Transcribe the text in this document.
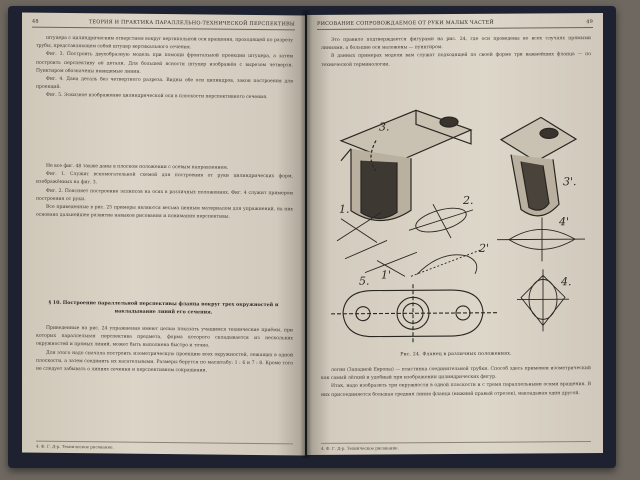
48	ТЕОРИЯ И ПРАКТИКА ПАРАЛЛЕЛЬНО-ТЕХНИЧЕСКОЙ ПЕРСПЕКТИВЫ

штуцера с цилиндрическим отверстием вокруг вертикальной оси вращения, проходящей по разрезу трубы, представляющем собой штуцер вертикального сечения.

Фиг. 3. Построить двухобразную модель при помощи фронтальной проекции штуцера, а затем построить перспективу её детали. Для большей ясности штуцер изображён с вырезом четверти. Пунктиром обозначены невидимые линии.

Фиг. 4. Дана деталь без четвертного разреза. Видны обе оси цилиндров, закон построения для проекций.

Фиг. 5. Эскизное изображение цилиндрической оси в плоскости перспективного сечения.

Не все фиг. 48 также даны в плоском положении с осевым направлением.

Фиг. 1. Служит вспомогательной схемой для построения от руки цилиндрических форм, изображённых на фиг. 3.

Фиг. 2. Поясняет построение эллипсов на осях в различных положениях. Фиг. 4 служит примером построения от руки.

Все приведенные в рис. 25 примеры являются весьма ценным материалом для упражнений, на них основано дальнейшее развитие навыков рисования и понимания перспективы.

§ 10. Построение параллельной перспективы фланца вокруг трех окружностей и накладывание линий его сечения.

Приведенные на рис. 24 упражнения имеют целью показать учащимся технические приёмы, при которых параллельная перспектива предмета, форма которого складывается из нескольких окружностей и прямых линий, может быть выполнена быстро и точно.

Для этого надо сначала построить изометрическую проекцию всех окружностей, лежащих в одной плоскости, а затем соединить их касательными. Размеры берутся по масштабу: 1 : 6 и 7 : 8. Кроме того не следует забывать о линиях сечения и перспективном сокращении.

4. Ф. Г. Д-р. Техническое рисование.
РИСОВАНИЕ СОПРОВОЖДАЕМОЕ ОТ РУКИ МАЛЫХ ЧАСТЕЙ	49

Это правило подтверждается фигурами на рис. 24, где оси проведены во всех случаях прямыми линиями, а большие оси наложены — пунктиром.

В данных примерах модели вам служат подходящей по своей форме три важнейших фланца — по технической терминологии.

3.
3'.
1.
1'
2.
2'
4'
4.
5.
Рис. 24. Фланец в различных положениях.

логии (Западной Европы) — пластинка соединительной трубки. Способ здесь применен изометрический как самый лёгкий и удобный при изображении цилиндрических фигур.

Итак, надо изобразить три окружности в одной плоскости и с тремя параллельными осями вращения. В них присоединяется большая средняя линия фланца (нижний правый отрезок), накладывая один другой.

4. Ф. Г. Д-р. Техническое рисование.
